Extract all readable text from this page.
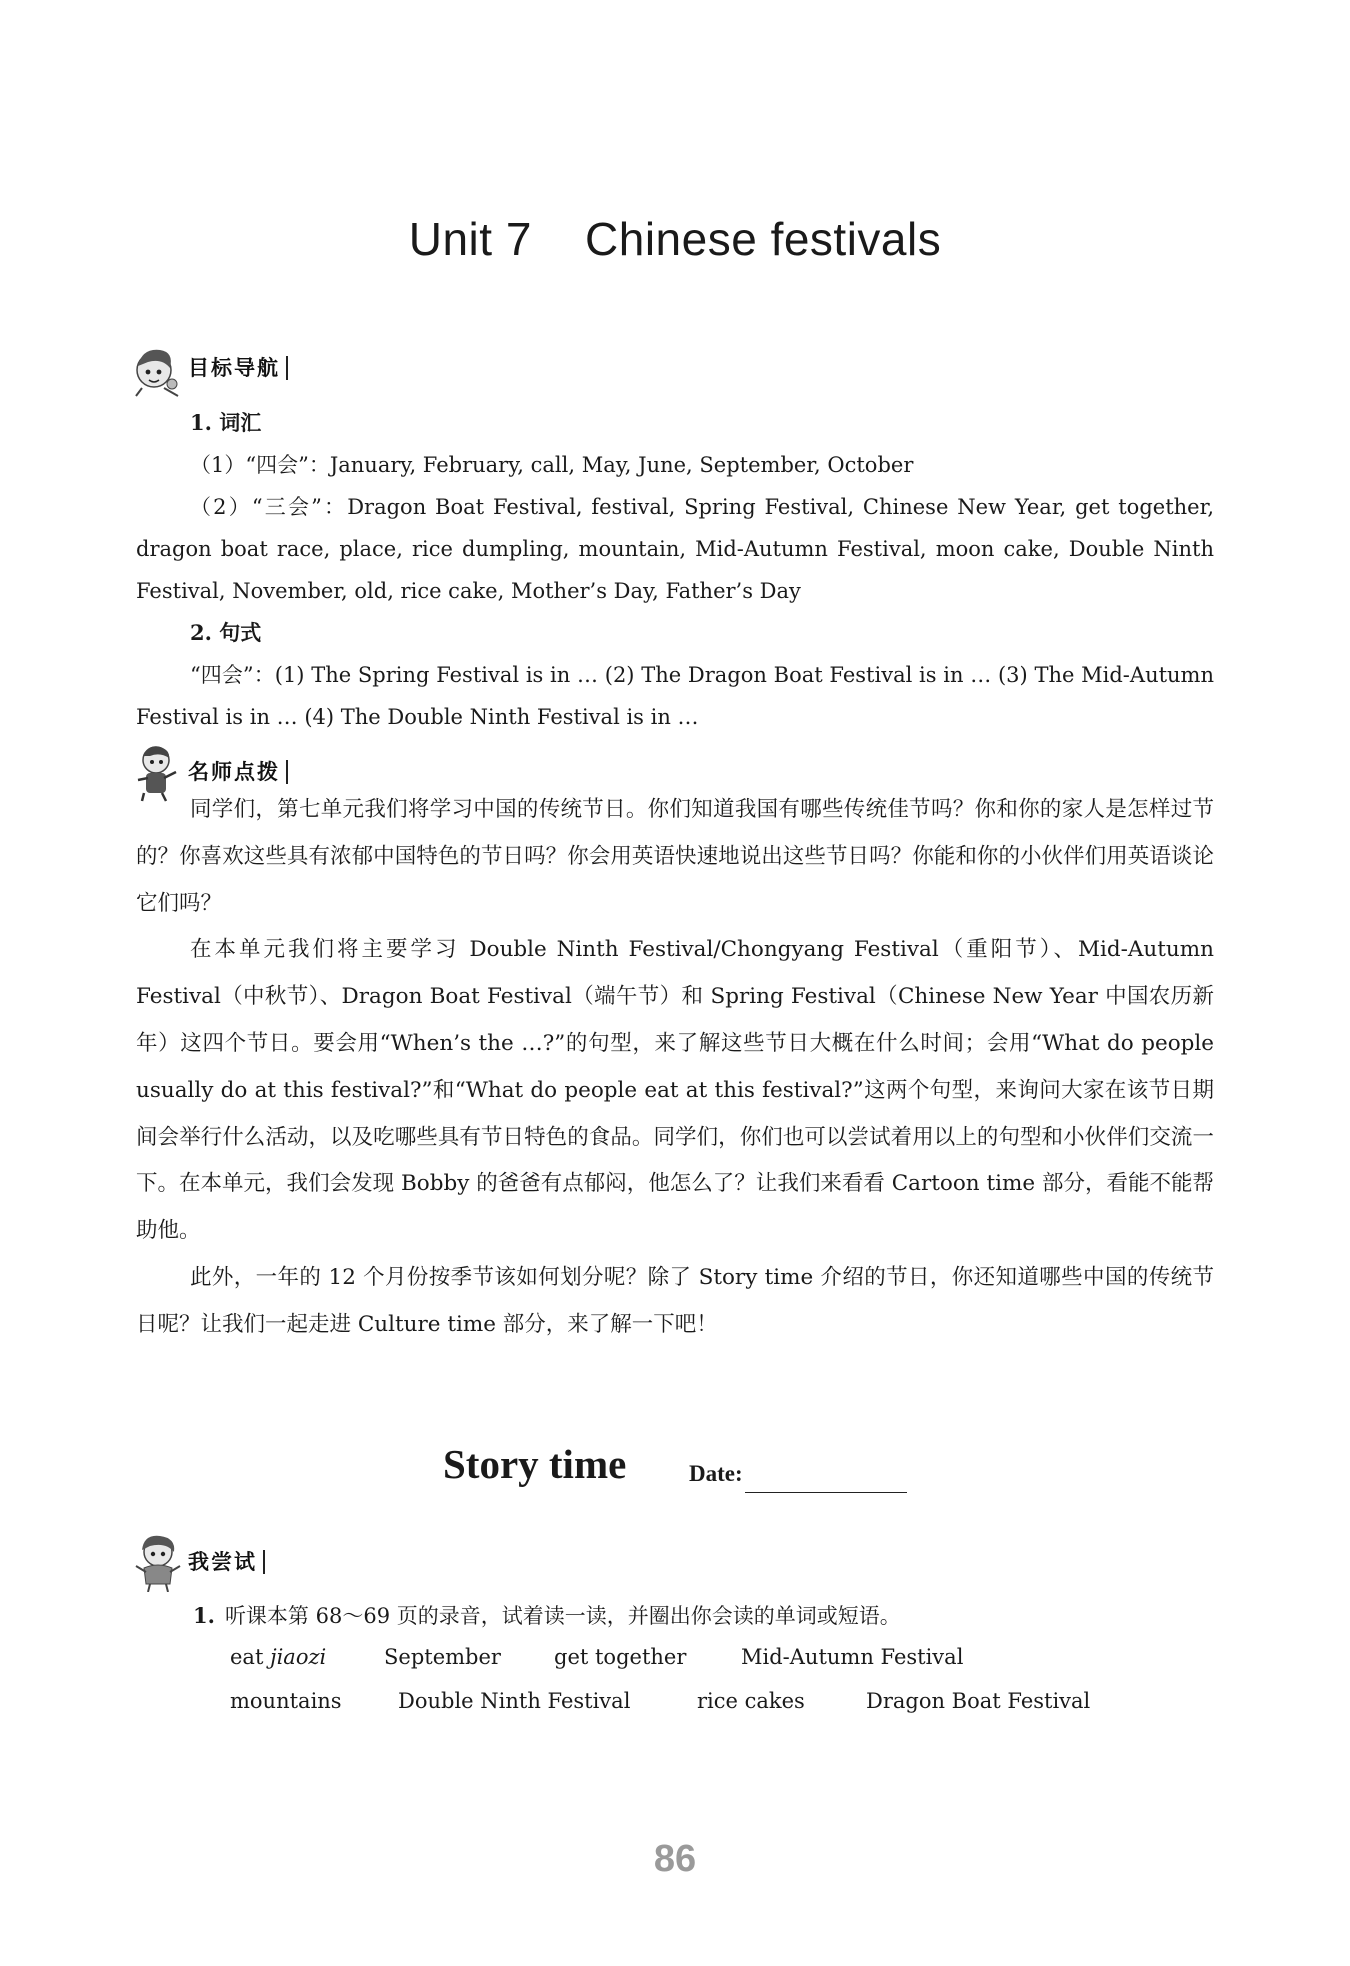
Unit 7    Chinese festivals
目标导航

1. 词汇

（1）“四会”：January, February, call, May, June, September, October

（2）“三会”：Dragon Boat Festival, festival, Spring Festival, Chinese New Year, get together, dragon boat race, place, rice dumpling, mountain, Mid-Autumn Festival, moon cake, Double Ninth Festival, November, old, rice cake, Mother’s Day, Father’s Day

2. 句式

“四会”：(1) The Spring Festival is in … (2) The Dragon Boat Festival is in … (3) The Mid-Autumn Festival is in … (4) The Double Ninth Festival is in …

名师点拨

同学们，第七单元我们将学习中国的传统节日。你们知道我国有哪些传统佳节吗？你和你的家人是怎样过节的？你喜欢这些具有浓郁中国特色的节日吗？你会用英语快速地说出这些节日吗？你能和你的小伙伴们用英语谈论它们吗？

在本单元我们将主要学习 Double Ninth Festival/Chongyang Festival（重阳节）、Mid-Autumn Festival（中秋节）、Dragon Boat Festival（端午节）和 Spring Festival（Chinese New Year 中国农历新年）这四个节日。要会用“When’s the …?”的句型，来了解这些节日大概在什么时间；会用“What do people usually do at this festival?”和“What do people eat at this festival?”这两个句型，来询问大家在该节日期间会举行什么活动，以及吃哪些具有节日特色的食品。同学们，你们也可以尝试着用以上的句型和小伙伴们交流一下。在本单元，我们会发现 Bobby 的爸爸有点郁闷，他怎么了？让我们来看看 Cartoon time 部分，看能不能帮助他。

此外，一年的 12 个月份按季节该如何划分呢？除了 Story time 介绍的节日，你还知道哪些中国的传统节日呢？让我们一起走进 Culture time 部分，来了解一下吧！

Story time	Date:
我尝试
1. 听课本第 68～69 页的录音，试着读一读，并圈出你会读的单词或短语。
eat jiaozi	September	get together	Mid-Autumn Festival
mountains	Double Ninth Festival	rice cakes	Dragon Boat Festival
86
